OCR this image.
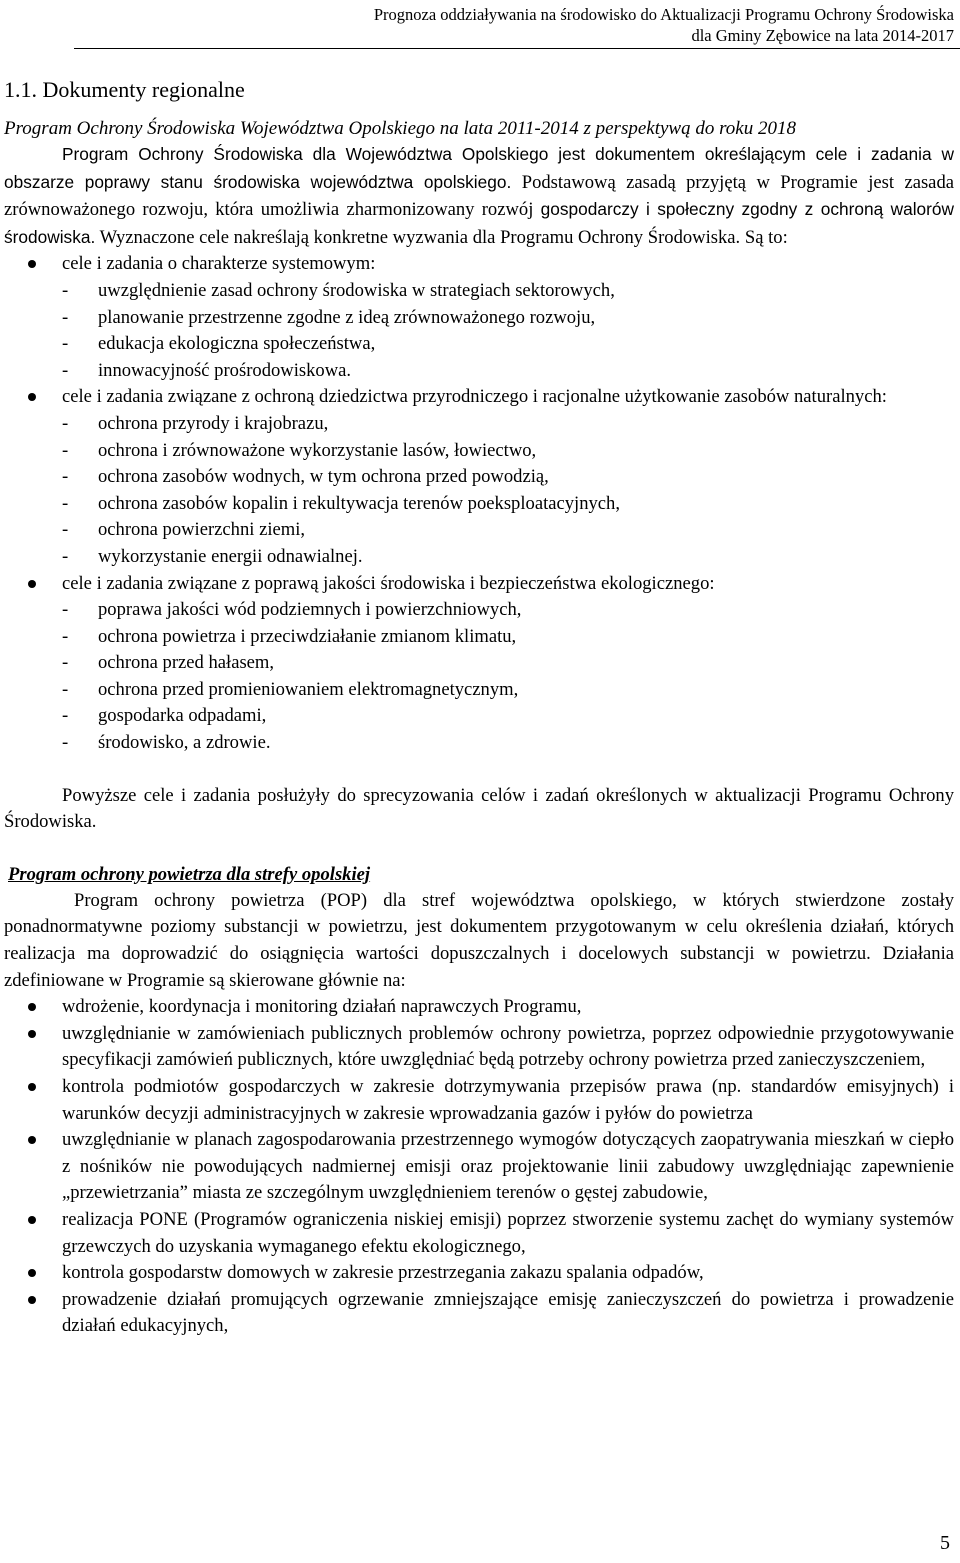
Prognoza oddziaływania na środowisko do Aktualizacji Programu Ochrony Środowiska
dla Gminy Zębowice na lata 2014-2017
1.1. Dokumenty regionalne

Program Ochrony Środowiska Województwa Opolskiego na lata 2011-2014 z perspektywą do roku 2018

Program Ochrony Środowiska dla Województwa Opolskiego jest dokumentem określającym cele i zadania w obszarze poprawy stanu środowiska województwa opolskiego. Podstawową zasadą przyjętą w Programie jest zasada zrównoważonego rozwoju, która umożliwia zharmonizowany rozwój gospodarczy i społeczny zgodny z ochroną walorów środowiska. Wyznaczone cele nakreślają konkretne wyzwania dla Programu Ochrony Środowiska. Są to:

cele i zadania o charakterze systemowym:
- uwzględnienie zasad ochrony środowiska w strategiach sektorowych,
- planowanie przestrzenne zgodne z ideą zrównoważonego rozwoju,
- edukacja ekologiczna społeczeństwa,
- innowacyjność prośrodowiskowa.
cele i zadania związane z ochroną dziedzictwa przyrodniczego i racjonalne użytkowanie zasobów naturalnych:
- ochrona przyrody i krajobrazu,
- ochrona i zrównoważone wykorzystanie lasów, łowiectwo,
- ochrona zasobów wodnych, w tym ochrona przed powodzią,
- ochrona zasobów kopalin i rekultywacja terenów poeksploatacyjnych,
- ochrona powierzchni ziemi,
- wykorzystanie energii odnawialnej.
cele i zadania związane z poprawą jakości środowiska i bezpieczeństwa ekologicznego:
- poprawa jakości wód podziemnych i powierzchniowych,
- ochrona powietrza i przeciwdziałanie zmianom klimatu,
- ochrona przed hałasem,
- ochrona przed promieniowaniem elektromagnetycznym,
- gospodarka odpadami,
- środowisko, a zdrowie.

Powyższe cele i zadania posłużyły do sprecyzowania celów i zadań określonych w aktualizacji Programu Ochrony Środowiska.

Program ochrony powietrza dla strefy opolskiej

Program ochrony powietrza (POP) dla stref województwa opolskiego, w których stwierdzone zostały ponadnormatywne poziomy substancji w powietrzu, jest dokumentem przygotowanym w celu określenia działań, których realizacja ma doprowadzić do osiągnięcia wartości dopuszczalnych i docelowych substancji w powietrzu. Działania zdefiniowane w Programie są skierowane głównie na:

wdrożenie, koordynacja i monitoring działań naprawczych Programu,
uwzględnianie w zamówieniach publicznych problemów ochrony powietrza, poprzez odpowiednie przygotowywanie specyfikacji zamówień publicznych, które uwzględniać będą potrzeby ochrony powietrza przed zanieczyszczeniem,
kontrola podmiotów gospodarczych w zakresie dotrzymywania przepisów prawa (np. standardów emisyjnych) i warunków decyzji administracyjnych w zakresie wprowadzania gazów i pyłów do powietrza
uwzględnianie w planach zagospodarowania przestrzennego wymogów dotyczących zaopatrywania mieszkań w ciepło z nośników nie powodujących nadmiernej emisji oraz projektowanie linii zabudowy uwzględniając zapewnienie „przewietrzania” miasta ze szczególnym uwzględnieniem terenów o gęstej zabudowie,
realizacja PONE (Programów ograniczenia niskiej emisji) poprzez stworzenie systemu zachęt do wymiany systemów grzewczych do uzyskania wymaganego efektu ekologicznego,
kontrola gospodarstw domowych w zakresie przestrzegania zakazu spalania odpadów,
prowadzenie działań promujących ogrzewanie zmniejszające emisję zanieczyszczeń do powietrza i prowadzenie działań edukacyjnych,
5
